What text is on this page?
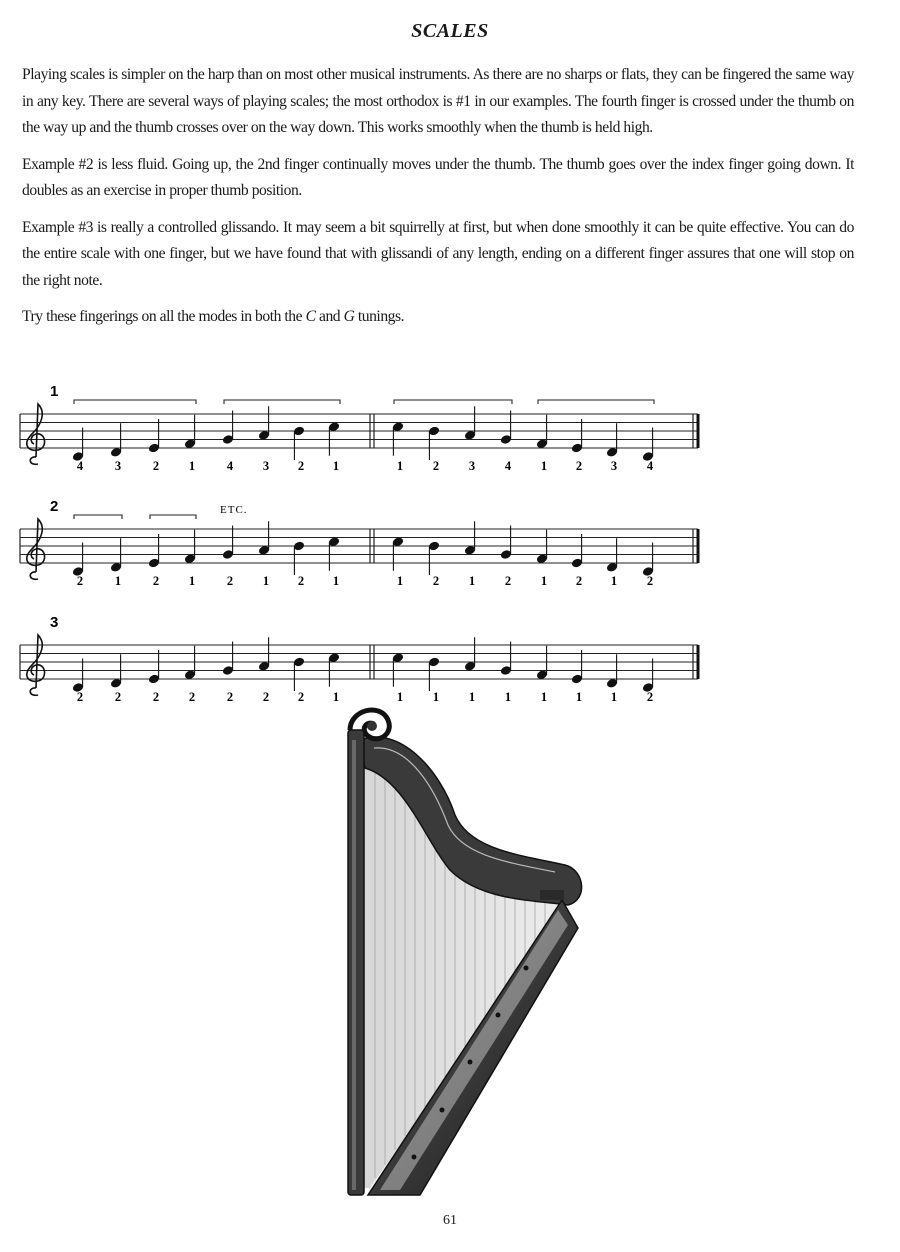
SCALES

Playing scales is simpler on the harp than on most other musical instruments. As there are no sharps or flats, they can be fingered the same way in any key. There are several ways of playing scales; the most orthodox is #1 in our examples. The fourth finger is crossed under the thumb on the way up and the thumb crosses over on the way down. This works smoothly when the thumb is held high.

Example #2 is less fluid. Going up, the 2nd finger continually moves under the thumb. The thumb goes over the index finger going down. It doubles as an exercise in proper thumb position.

Example #3 is really a controlled glissando. It may seem a bit squirrelly at first, but when done smoothly it can be quite effective. You can do the entire scale with one finger, but we have found that with glissandi of any length, ending on a different finger assures that one will stop on the right note.

Try these fingerings on all the modes in both the C and G tunings.

1
4	3	2 1	4 3 2 1	1 2 3 4 1 2 3 4
2
2	1	2 1	2 1 2 1	1 2 1 2 1 2 1 2
ETC.
3
2	2	2 2	2 2 2 1	1 1 1 1 1 1 1 2
61
